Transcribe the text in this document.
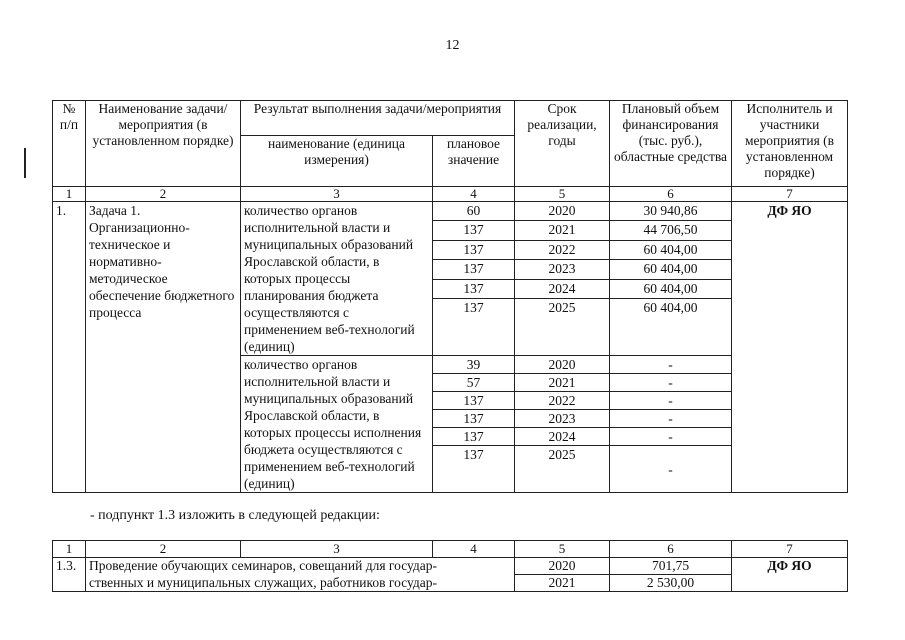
12
№ п/п	Наименование задачи/ мероприятия (в установленном порядке)	Результат выполнения задачи/мероприятия		Срок реализации, годы	Плановый объем финансирования (тыс. руб.), областные средства	Исполнитель и участники мероприятия (в установленном порядке)
		наименование (единица измерения)	плановое значение			
1	2	3	4	5	6	7
1.	Задача 1. Организационно-техническое и нормативно-методическое обеспечение бюджетного процесса	количество органов исполнительной власти и муниципальных образований Ярославской области, в которых процессы планирования бюджета осуществляются с применением веб-технологий (единиц)	60	2020	30 940,86	ДФ ЯО
			137	2021	44 706,50	
			137	2022	60 404,00	
			137	2023	60 404,00	
			137	2024	60 404,00	
			137	2025	60 404,00	
		количество органов исполнительной власти и муниципальных образований Ярославской области, в которых процессы исполнения бюджета осуществляются с применением веб-технологий (единиц)	39	2020	-	
			57	2021	-	
			137	2022	-	
			137	2023	-	
			137	2024	-	
			137	2025	-	
- подпункт 1.3 изложить в следующей редакции:
1	2	3	4	5	6	7
1.3.	Проведение обучающих семинаров, совещаний для государ-			2020	701,75	ДФ ЯО
	ственных и муниципальных служащих, работников государ-			2021	2 530,00	
